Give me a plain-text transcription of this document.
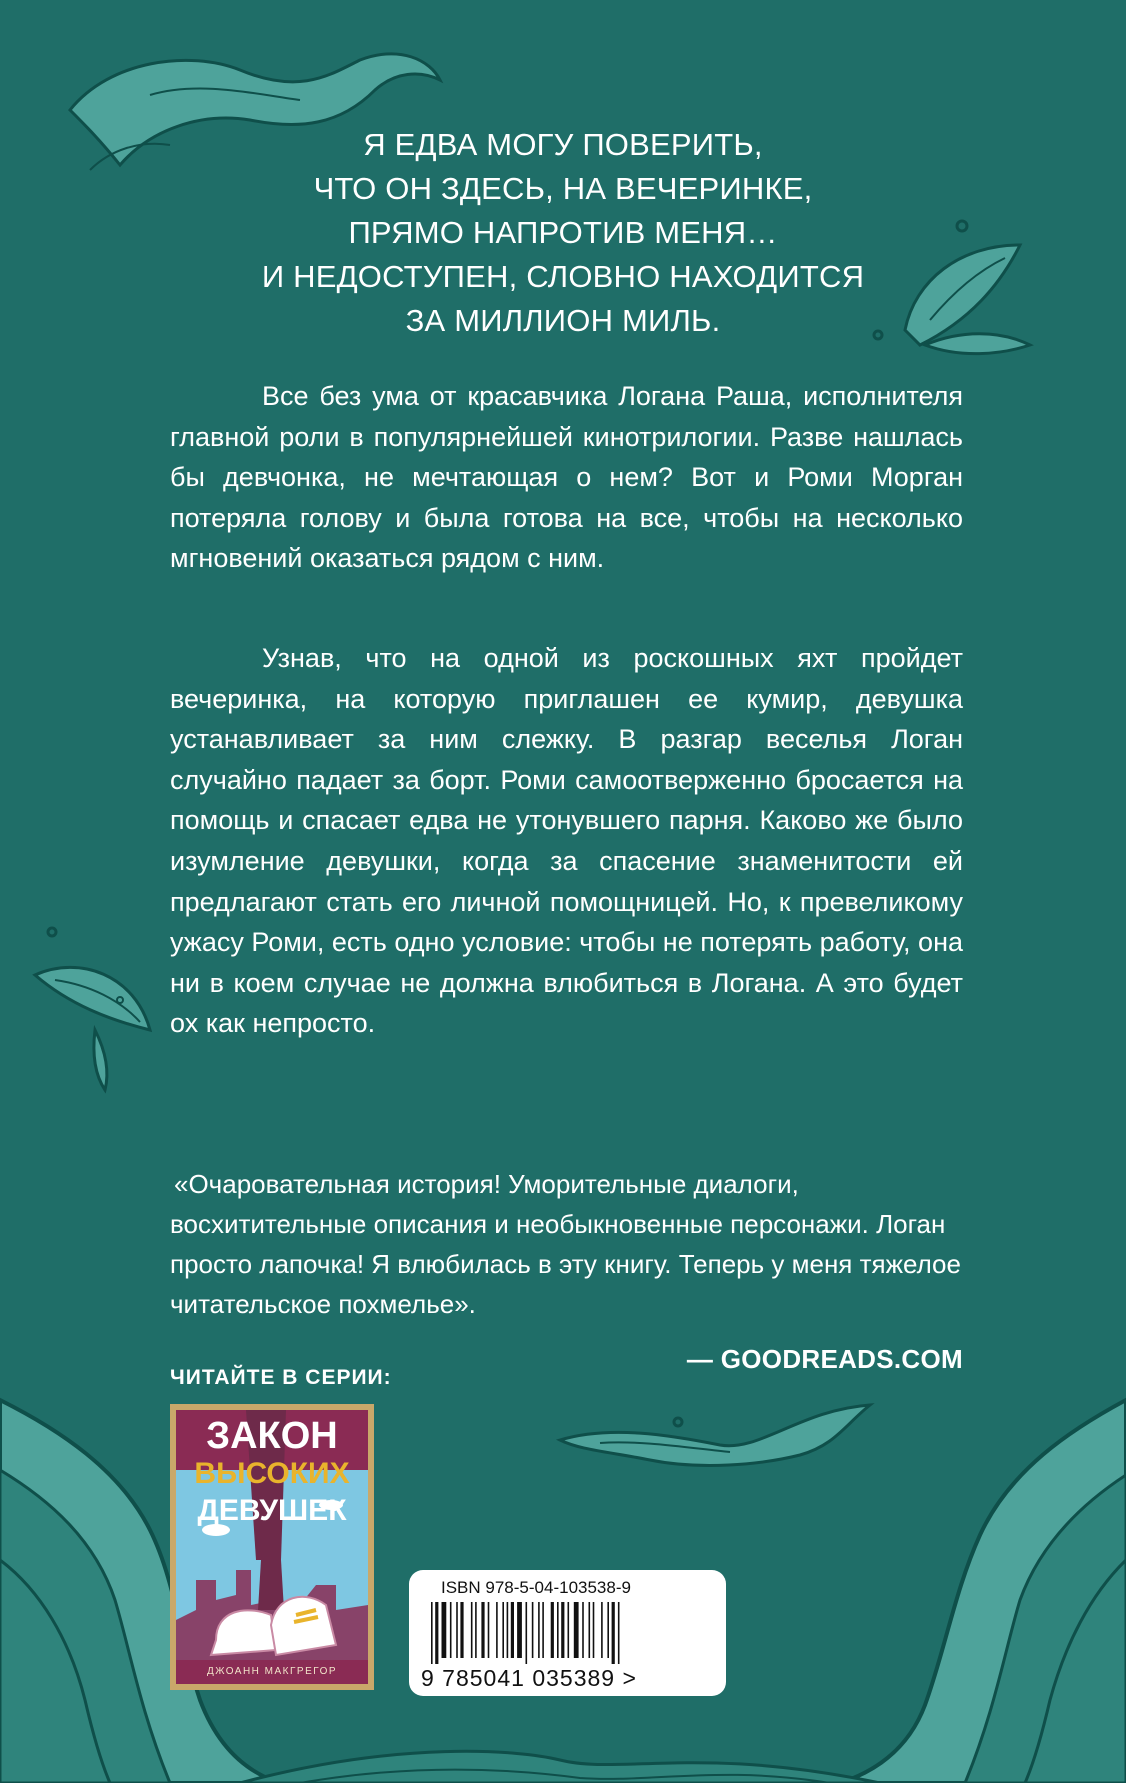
Я ЕДВА МОГУ ПОВЕРИТЬ,
ЧТО ОН ЗДЕСЬ, НА ВЕЧЕРИНКЕ,
ПРЯМО НАПРОТИВ МЕНЯ…
И НЕДОСТУПЕН, СЛОВНО НАХОДИТСЯ
ЗА МИЛЛИОН МИЛЬ.
Все без ума от красавчика Логана Раша, исполнителя главной роли в популярнейшей кинотрилогии. Разве нашлась бы девчонка, не мечтающая о нем? Вот и Роми Морган потеряла голову и была готова на все, чтобы на несколько мгновений оказаться рядом с ним.
Узнав, что на одной из роскошных яхт пройдет вечеринка, на которую приглашен ее кумир, девушка устанавливает за ним слежку. В разгар веселья Логан случайно падает за борт. Роми самоотверженно бросается на помощь и спасает едва не утонувшего парня. Каково же было изумление девушки, когда за спасение знаменитости ей предлагают стать его личной помощницей. Но, к превеликому ужасу Роми, есть одно условие: чтобы не потерять работу, она ни в коем случае не должна влюбиться в Логана. А это будет ох как непросто.
«Очаровательная история! Уморительные диалоги, восхитительные описания и необыкновенные персонажи. Логан просто лапочка! Я влюбилась в эту книгу. Теперь у меня тяжелое читательское похмелье».
— GOODREADS.COM
ЧИТАЙТЕ В СЕРИИ:
ЗАКОН
ВЫСОКИХ
ДЕВУШЕК
ДЖОАНН МАКГРЕГОР
ISBN 978-5-04-103538-9
9 785041 035389 >
